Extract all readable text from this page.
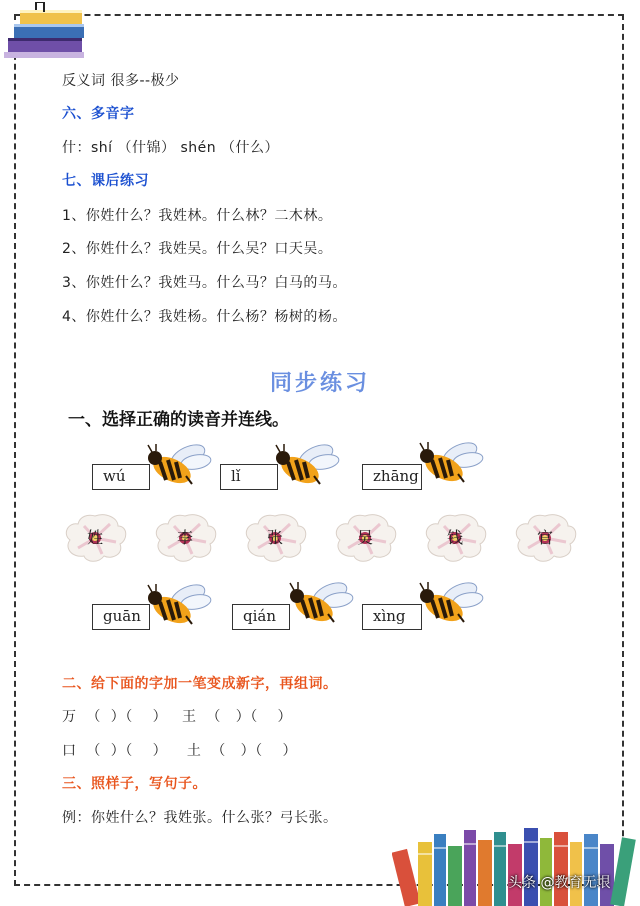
反义词 很多--极少
六、多音字
什：shí （什锦） shén （什么）
七、课后练习
1、你姓什么？我姓林。什么林？二木林。
2、你姓什么？我姓吴。什么吴？口天吴。
3、你姓什么？我姓马。什么马？白马的马。
4、你姓什么？我姓杨。什么杨？杨树的杨。
同步练习
一、选择正确的读音并连线。
wú	lǐ	zhāng
姓	李	张	吴	钱	官
guān	qián	xìng
二、给下面的字加一笔变成新字，再组词。
万  （  ）（    ）   王  （   ）（    ）
口  （  ）（    ）    土  （   ）（    ）
三、照样子，写句子。
例：你姓什么？我姓张。什么张？弓长张。
头条 @教育无垠
